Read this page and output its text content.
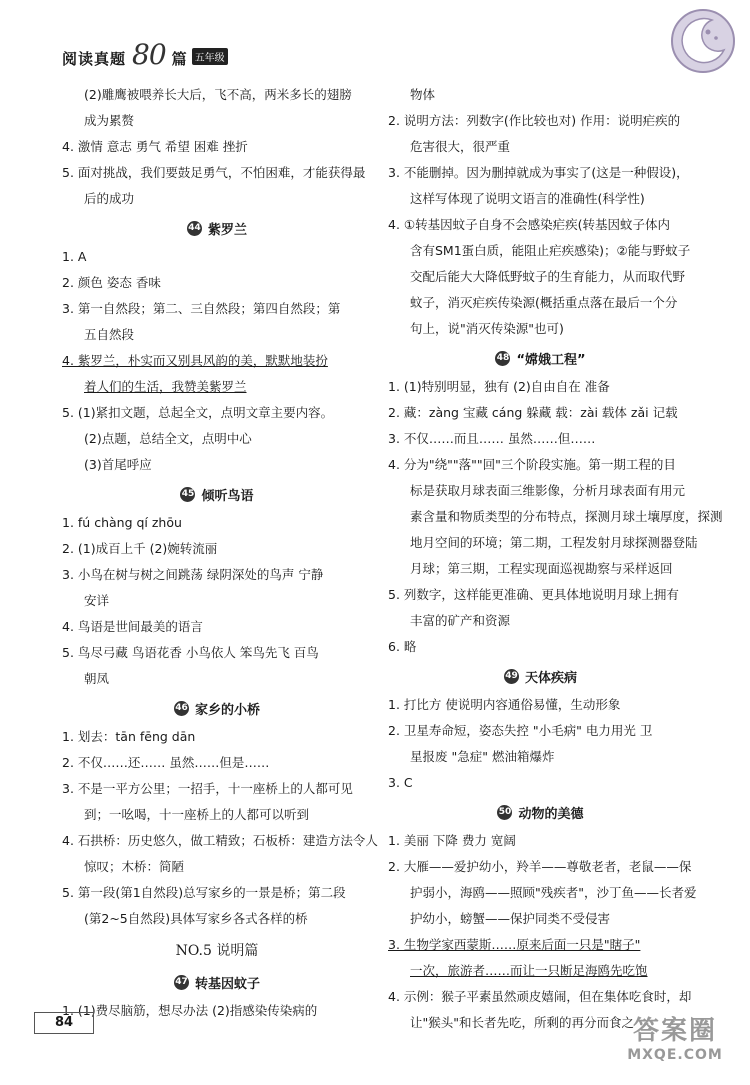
阅读真题 80 篇 五年级
(2)雕鹰被喂养长大后，飞不高，两米多长的翅膀
成为累赘
4. 激情 意志 勇气 希望 困难 挫折
5. 面对挑战，我们要鼓足勇气，不怕困难，才能获得最
后的成功
44 紫罗兰
1. A
2. 颜色 姿态 香味
3. 第一自然段；第二、三自然段；第四自然段；第
五自然段
4. 紫罗兰，朴实而又别具风韵的美，默默地装扮
着人们的生活，我赞美紫罗兰
5. (1)紧扣文题，总起全文，点明文章主要内容。
(2)点题，总结全文，点明中心
(3)首尾呼应
45 倾听鸟语
1. fú chàng qí zhōu
2. (1)成百上千 (2)婉转流丽
3. 小鸟在树与树之间跳荡 绿阴深处的鸟声 宁静
安详
4. 鸟语是世间最美的语言
5. 鸟尽弓藏 鸟语花香 小鸟依人 笨鸟先飞 百鸟
朝凤
46 家乡的小桥
1. 划去：tān fēng dān
2. 不仅……还…… 虽然……但是……
3. 不是一平方公里；一招手，十一座桥上的人都可见
到；一吆喝，十一座桥上的人都可以听到
4. 石拱桥：历史悠久，做工精致；石板桥：建造方法令人
惊叹；木桥：简陋
5. 第一段(第1自然段)总写家乡的一景是桥；第二段
(第2~5自然段)具体写家乡各式各样的桥
NO.5 说明篇
47 转基因蚊子
1. (1)费尽脑筋，想尽办法 (2)指感染传染病的
物体
2. 说明方法：列数字(作比较也对) 作用：说明疟疾的
危害很大，很严重
3. 不能删掉。因为删掉就成为事实了(这是一种假设)，
这样写体现了说明文语言的准确性(科学性)
4. ①转基因蚊子自身不会感染疟疾(转基因蚊子体内
含有SM1蛋白质，能阻止疟疾感染)；②能与野蚊子
交配后能大大降低野蚊子的生育能力，从而取代野
蚊子，消灭疟疾传染源(概括重点落在最后一个分
句上，说"消灭传染源"也可)
48 “嫦娥工程”
1. (1)特别明显，独有 (2)自由自在 准备
2. 藏：zàng 宝藏 cáng 躲藏 载：zài 载体 zǎi 记载
3. 不仅……而且…… 虽然……但……
4. 分为"绕""落""回"三个阶段实施。第一期工程的目
标是获取月球表面三维影像，分析月球表面有用元
素含量和物质类型的分布特点，探测月球土壤厚度，探测
地月空间的环境；第二期，工程发射月球探测器登陆
月球；第三期，工程实现面巡视勘察与采样返回
5. 列数字，这样能更准确、更具体地说明月球上拥有
丰富的矿产和资源
6. 略
49 天体疾病
1. 打比方 使说明内容通俗易懂，生动形象
2. 卫星寿命短，姿态失控 "小毛病" 电力用光 卫
星报废 "急症" 燃油箱爆炸
3. C
50 动物的美德
1. 美丽 下降 费力 宽阔
2. 大雁——爱护幼小，羚羊——尊敬老者，老鼠——保
护弱小，海鸥——照顾"残疾者"，沙丁鱼——长者爱
护幼小，螃蟹——保护同类不受侵害
3. 生物学家西蒙斯……原来后面一只是"瞎子"
一次，旅游者……而让一只断足海鸥先吃饱
4. 示例：猴子平素虽然顽皮嬉闹，但在集体吃食时，却
让"猴头"和长者先吃，所剩的再分而食之
84	答案圈
MXQE.COM
